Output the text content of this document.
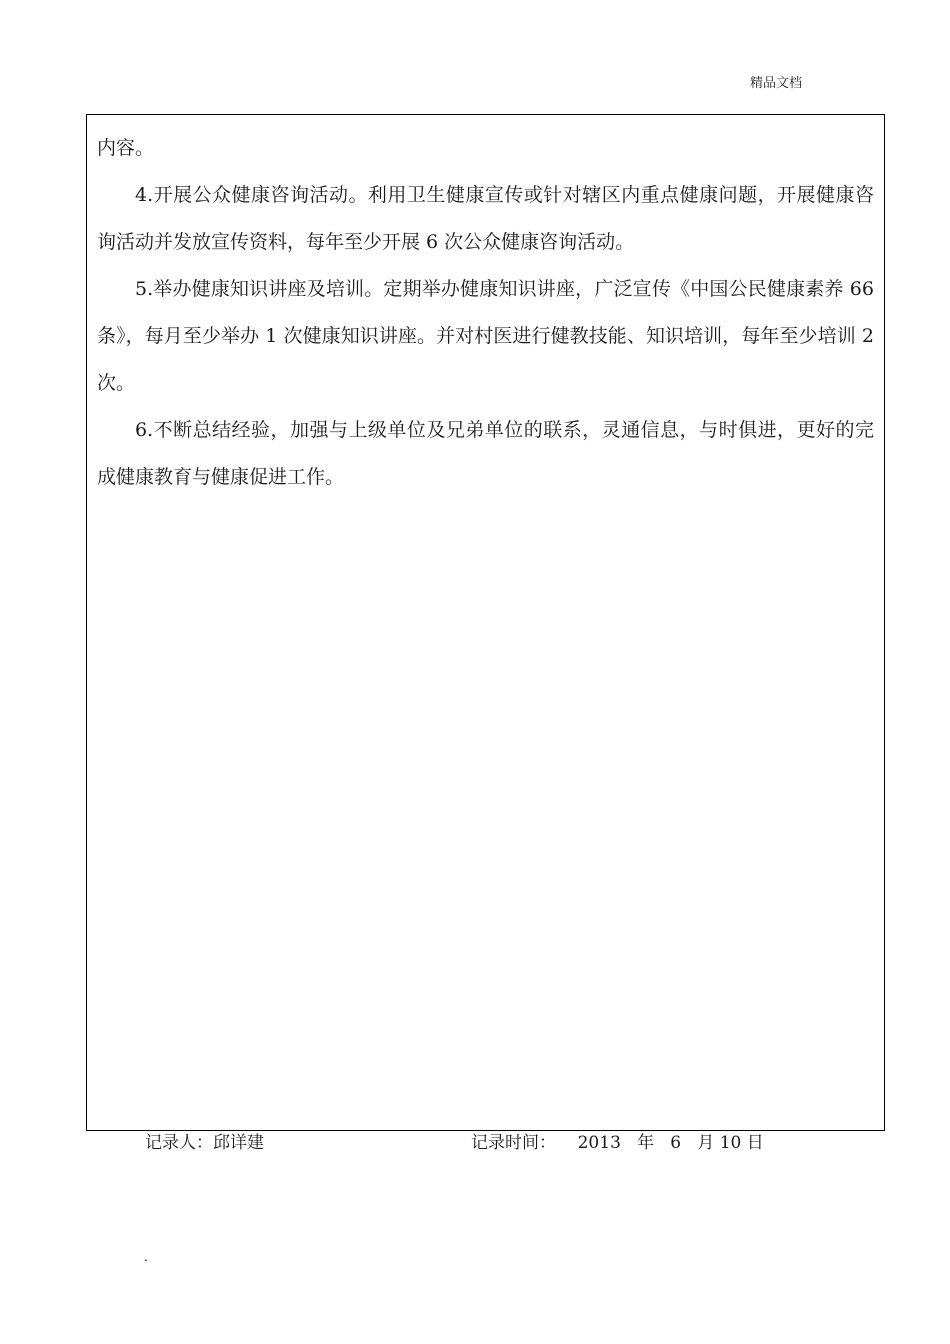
精品文档

内容。

4.开展公众健康咨询活动。利用卫生健康宣传或针对辖区内重点健康问题，开展健康咨询活动并发放宣传资料，每年至少开展 6 次公众健康咨询活动。

5.举办健康知识讲座及培训。定期举办健康知识讲座，广泛宣传《中国公民健康素养 66 条》，每月至少举办 1 次健康知识讲座。并对村医进行健教技能、知识培训，每年至少培训 2 次。

6.不断总结经验，加强与上级单位及兄弟单位的联系，灵通信息，与时俱进，更好的完成健康教育与健康促进工作。

记录人：邱详建	记录时间：    2013   年   6   月 10 日
.
